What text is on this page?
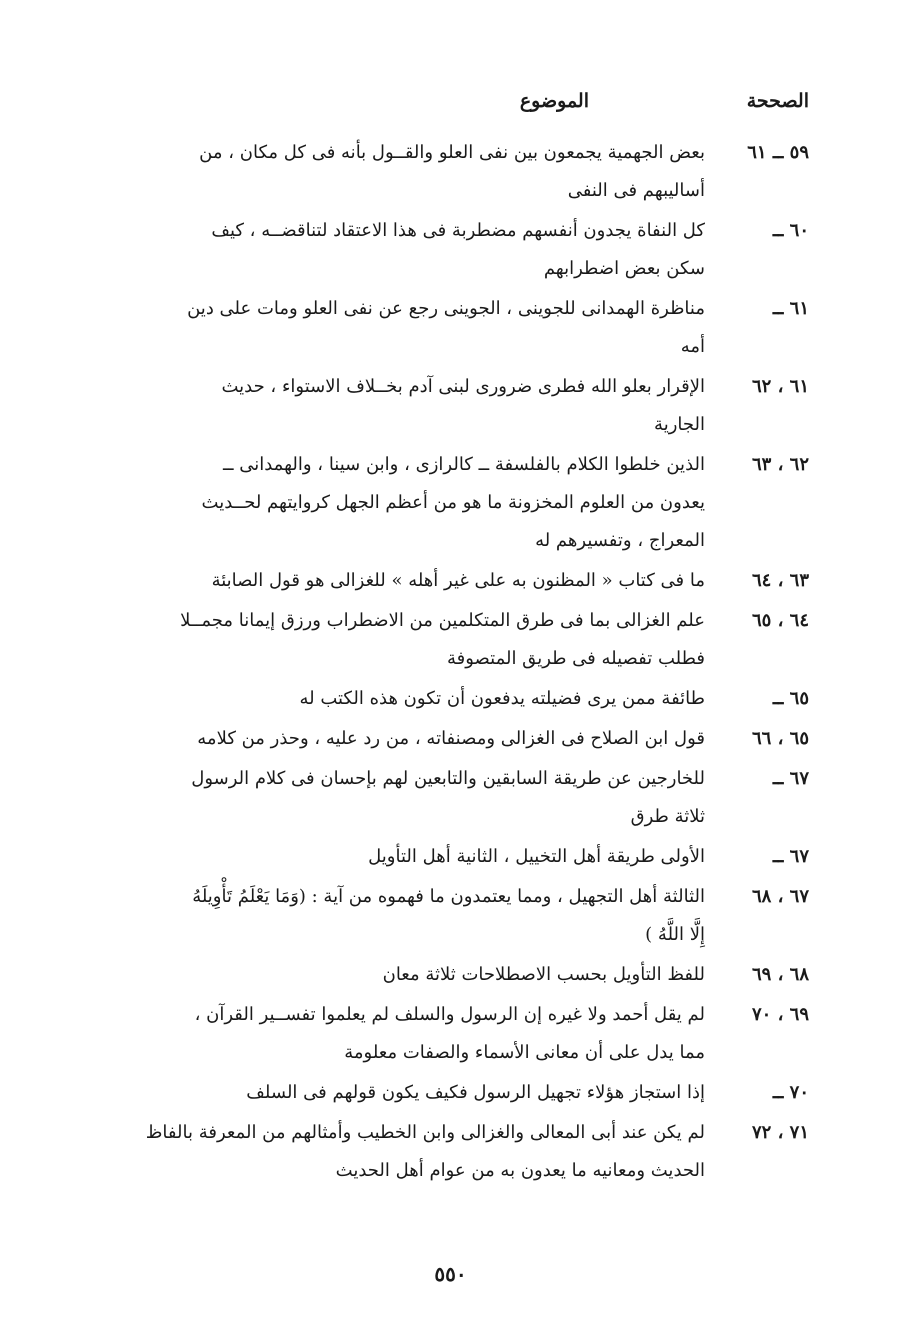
الصححة
الموضوع
٥٩ ــ ٦١
بعض الجهمية يجمعون بين نفى العلو والقــول بأنه فى كل مكان ، من
أساليبهم فى النفى
٦٠ ــ
كل النفاة يجدون أنفسهم مضطربة فى هذا الاعتقاد لتناقضــه ، كيف
سكن بعض اضطرابهم
٦١ ــ
مناظرة الهمدانى للجوينى ، الجوينى رجع عن نفى العلو ومات على دين
أمه
٦١ ، ٦٢
الإقرار بعلو الله فطرى ضرورى لبنى آدم بخــلاف الاستواء ، حديث
الجارية
٦٢ ، ٦٣
الذين خلطوا الكلام بالفلسفة ــ كالرازى ، وابن سينا ، والهمدانى ــ
يعدون من العلوم المخزونة ما هو من أعظم الجهل كروايتهم لحــديث
المعراج ، وتفسيرهم له
٦٣ ، ٦٤
ما فى كتاب « المظنون به على غير أهله » للغزالى هو قول الصابئة
٦٤ ، ٦٥
علم الغزالى بما فى طرق المتكلمين من الاضطراب ورزق إيمانا مجمــلا
فطلب تفصيله فى طريق المتصوفة
٦٥ ــ
طائفة ممن يرى فضيلته يدفعون أن تكون هذه الكتب له
٦٥ ، ٦٦
قول ابن الصلاح فى الغزالى ومصنفاته ، من رد عليه ، وحذر من كلامه
٦٧ ــ
للخارجين عن طريقة السابقين والتابعين لهم بإحسان فى كلام الرسول
ثلاثة طرق
٦٧ ــ
الأولى طريقة أهل التخييل ، الثانية أهل التأويل
٦٧ ، ٦٨
الثالثة أهل التجهيل ، ومما يعتمدون ما فهموه من آية : (وَمَا يَعْلَمُ تَأْوِيلَهُ
إِلَّا اللَّهُ )
٦٨ ، ٦٩
للفظ التأويل بحسب الاصطلاحات ثلاثة معان
٦٩ ، ٧٠
لم يقل أحمد ولا غيره إن الرسول والسلف لم يعلموا تفســير القرآن ،
مما يدل على أن معانى الأسماء والصفات معلومة
٧٠ ــ
إذا استجاز هؤلاء تجهيل الرسول فكيف يكون قولهم فى السلف
٧١ ، ٧٢
لم يكن عند أبى المعالى والغزالى وابن الخطيب وأمثالهم من المعرفة بالفاظ
الحديث ومعانيه ما يعدون به من عوام أهل الحديث
٥٥٠
